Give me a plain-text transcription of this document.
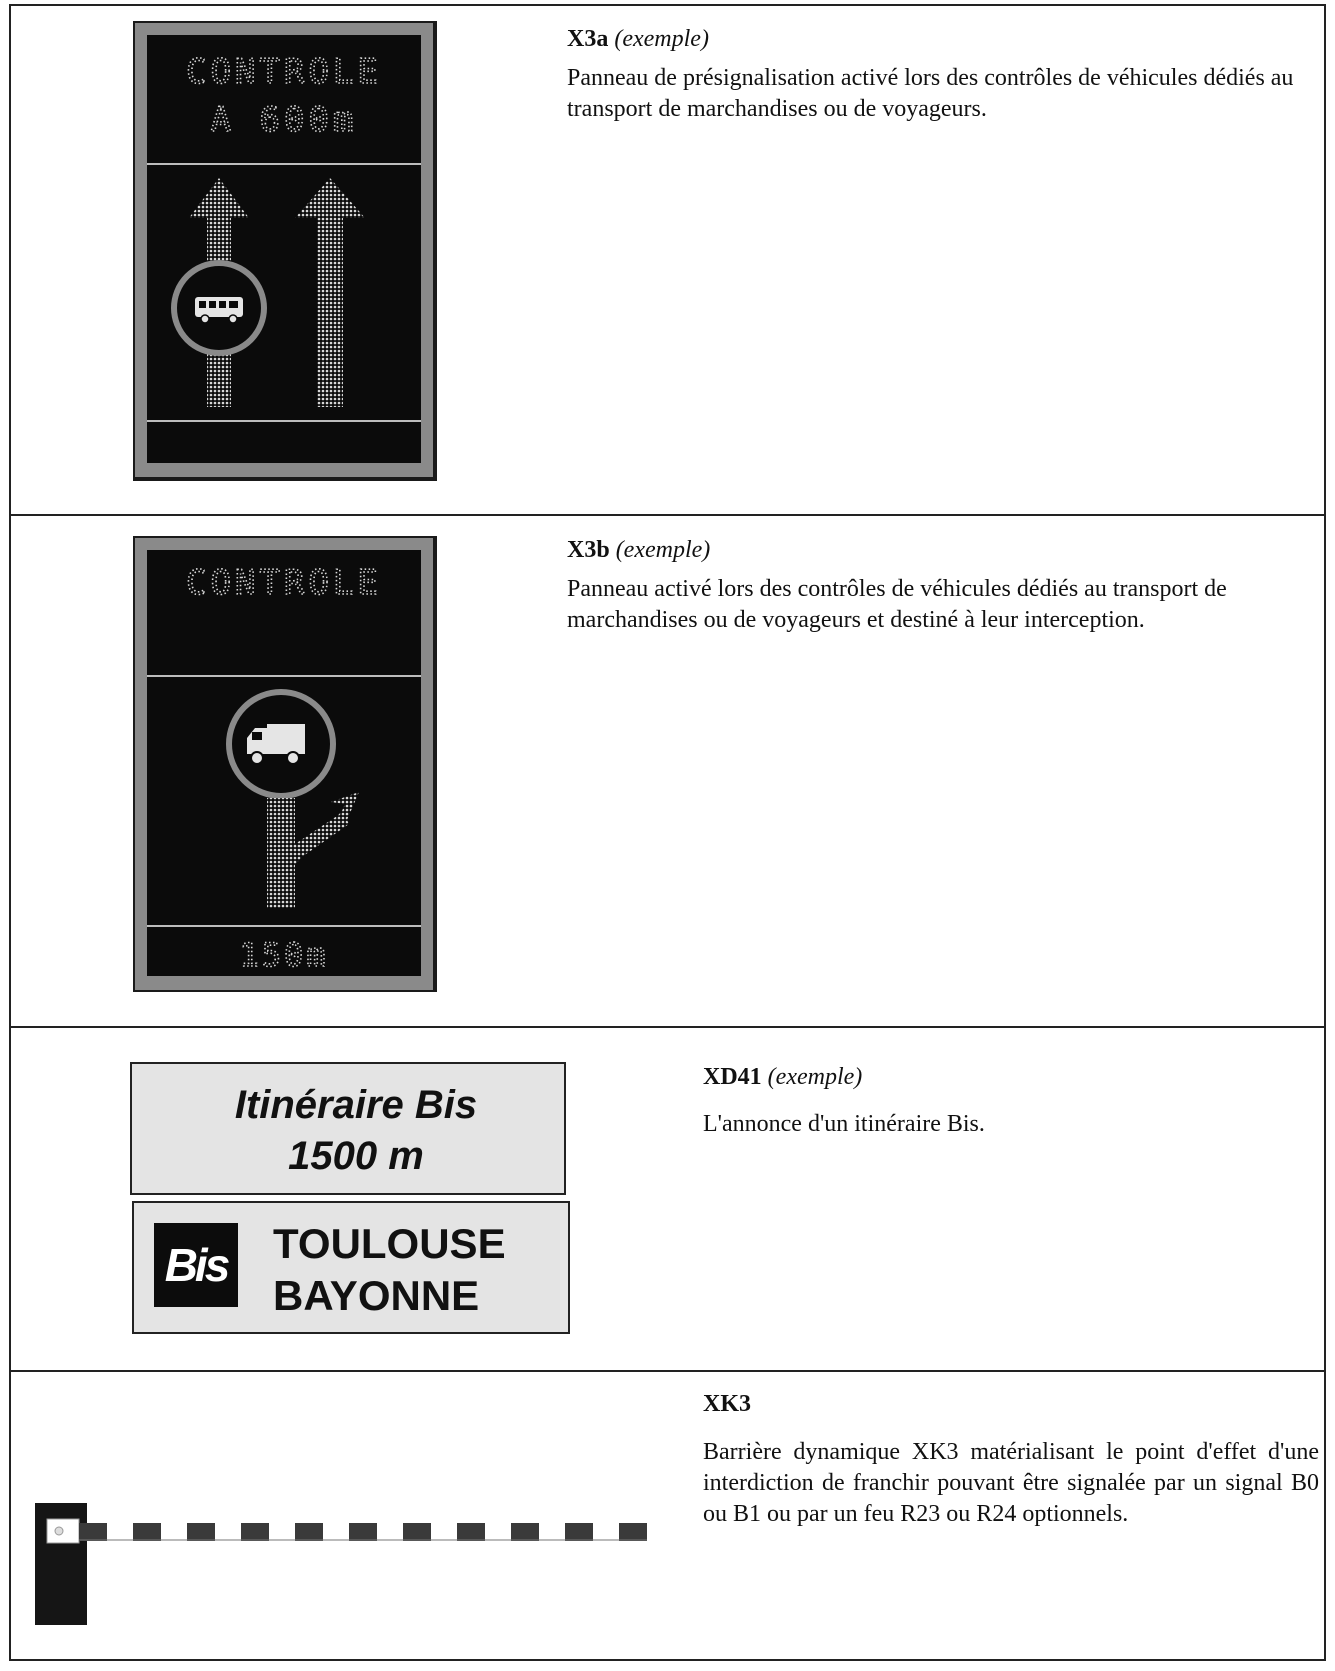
CONTROLE
A 600m
X3a (exemple)

Panneau de présignalisation activé lors des contrôles de véhicules dédiés au transport de marchandises ou de voyageurs.

CONTROLE
150m
X3b (exemple)

Panneau activé lors des contrôles de véhicules dédiés au transport de marchandises ou de voyageurs et destiné à leur interception.

Itinéraire Bis
1500 m
Bis TOULOUSE
BAYONNE
XD41 (exemple)

L'annonce d'un itinéraire Bis.

XK3

Barrière dynamique XK3 matérialisant le point d'effet d'une interdiction de franchir pouvant être signalée par un signal B0 ou B1 ou par un feu R23 ou R24 optionnels.
